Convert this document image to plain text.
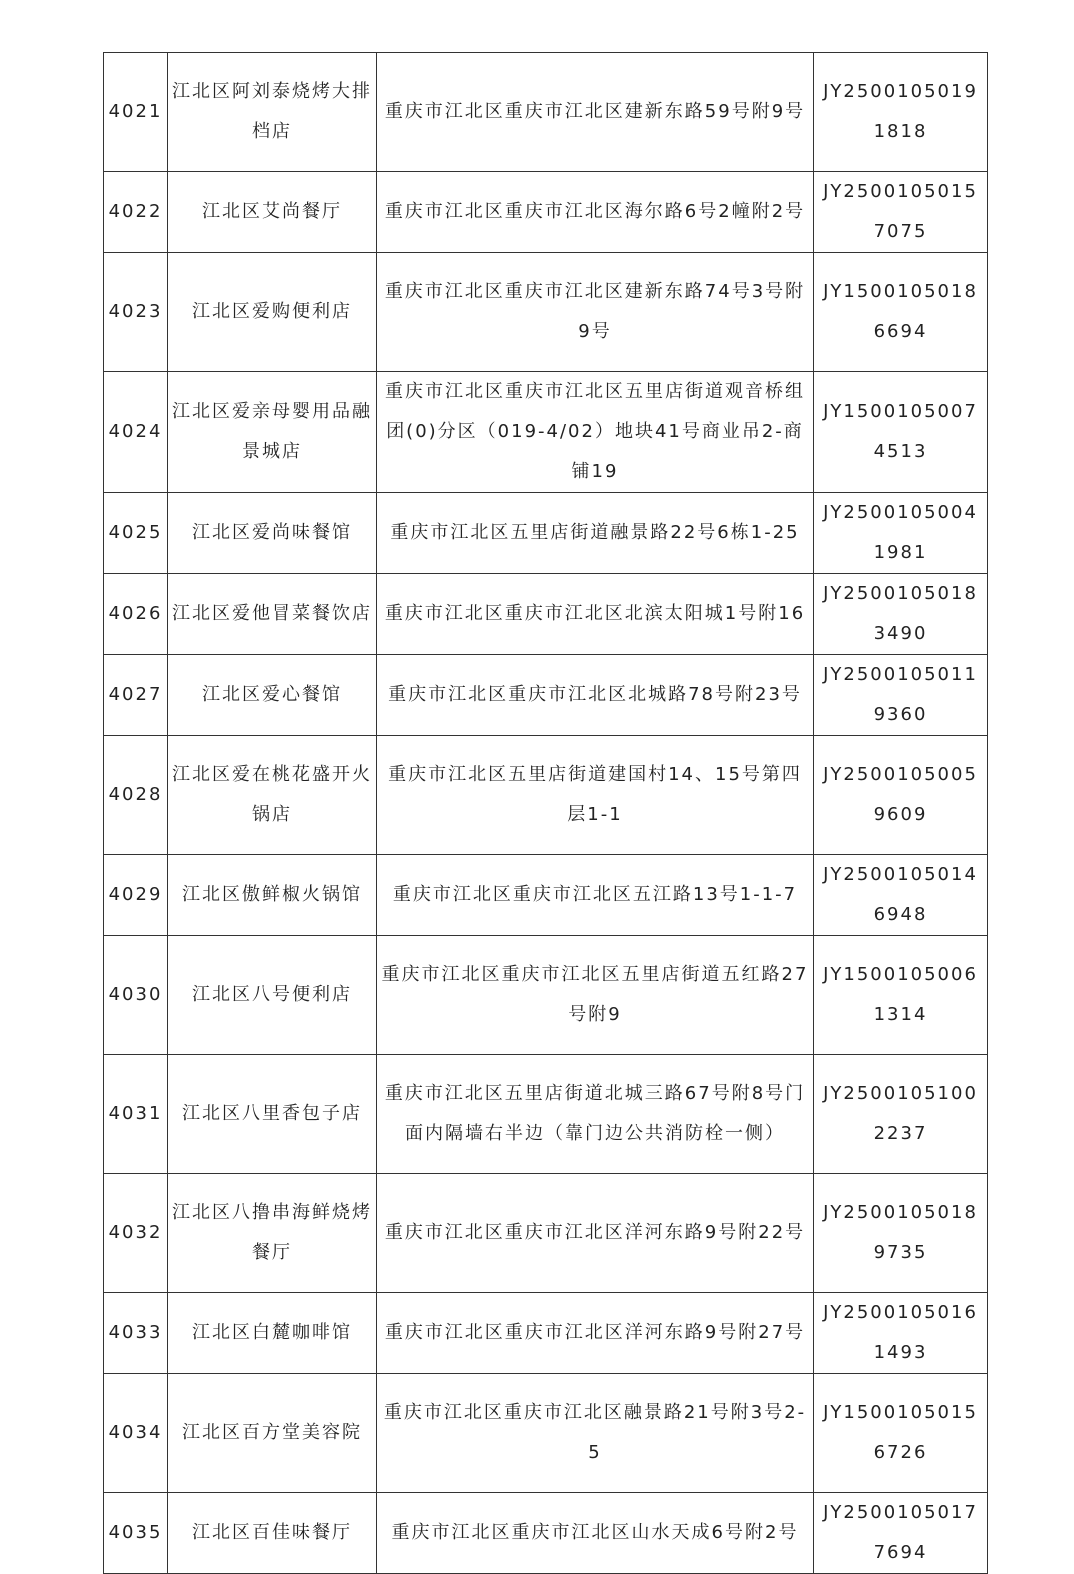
4021	江北区阿刘泰烧烤大排档店	重庆市江北区重庆市江北区建新东路59号附9号	JY25001050191818
4022	江北区艾尚餐厅	重庆市江北区重庆市江北区海尔路6号2幢附2号	JY25001050157075
4023	江北区爱购便利店	重庆市江北区重庆市江北区建新东路74号3号附9号	JY15001050186694
4024	江北区爱亲母婴用品融景城店	重庆市江北区重庆市江北区五里店街道观音桥组团(0)分区（019-4/02）地块41号商业吊2-商铺19	JY15001050074513
4025	江北区爱尚味餐馆	重庆市江北区五里店街道融景路22号6栋1-25	JY25001050041981
4026	江北区爱他冒菜餐饮店	重庆市江北区重庆市江北区北滨太阳城1号附16	JY25001050183490
4027	江北区爱心餐馆	重庆市江北区重庆市江北区北城路78号附23号	JY25001050119360
4028	江北区爱在桃花盛开火锅店	重庆市江北区五里店街道建国村14、15号第四层1-1	JY25001050059609
4029	江北区傲鲜椒火锅馆	重庆市江北区重庆市江北区五江路13号1-1-7	JY25001050146948
4030	江北区八号便利店	重庆市江北区重庆市江北区五里店街道五红路27号附9	JY15001050061314
4031	江北区八里香包子店	重庆市江北区五里店街道北城三路67号附8号门面内隔墙右半边（靠门边公共消防栓一侧）	JY25001051002237
4032	江北区八撸串海鲜烧烤餐厅	重庆市江北区重庆市江北区洋河东路9号附22号	JY25001050189735
4033	江北区白麓咖啡馆	重庆市江北区重庆市江北区洋河东路9号附27号	JY25001050161493
4034	江北区百方堂美容院	重庆市江北区重庆市江北区融景路21号附3号2-5	JY15001050156726
4035	江北区百佳味餐厅	重庆市江北区重庆市江北区山水天成6号附2号	JY25001050177694
